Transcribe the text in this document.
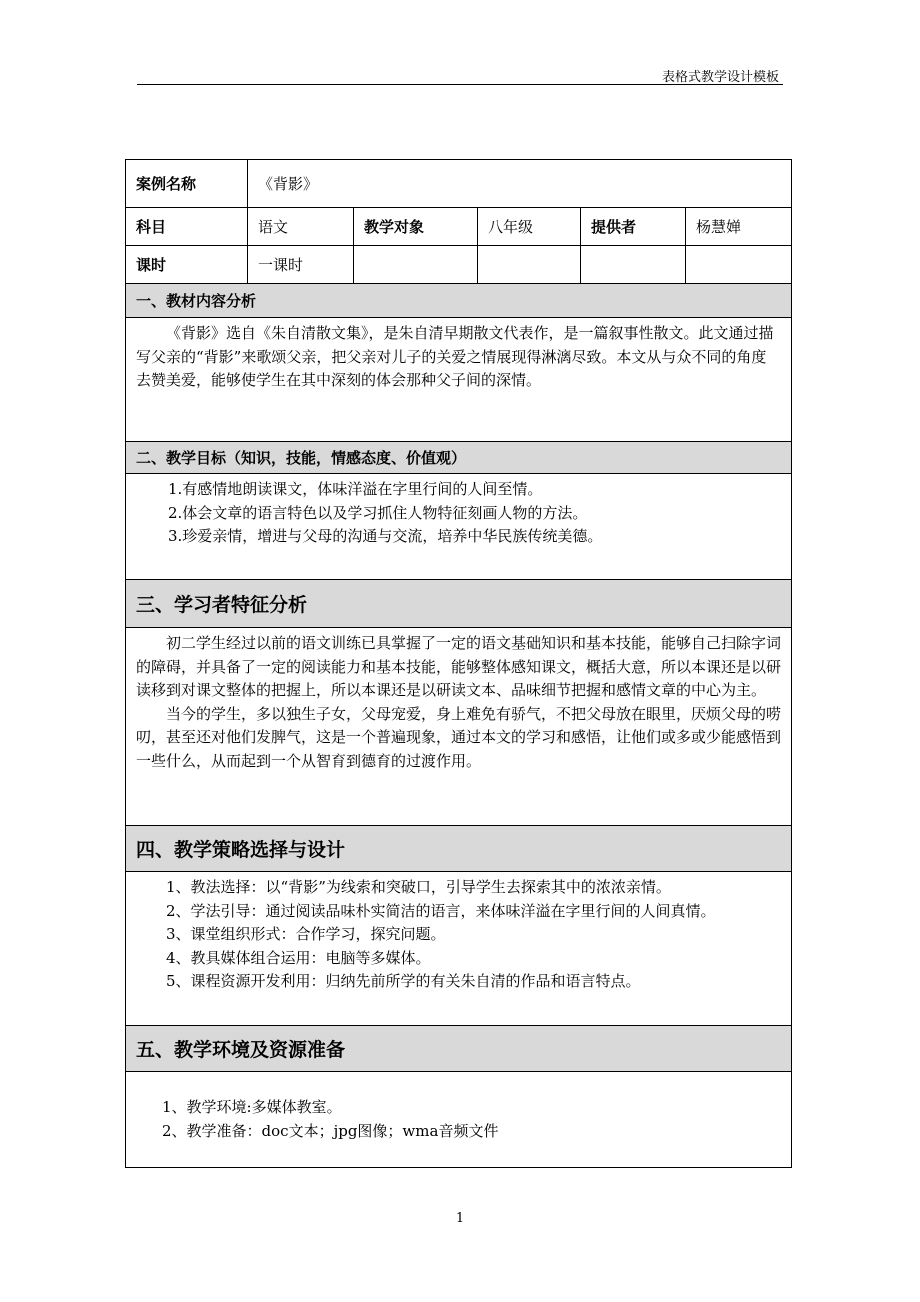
表格式教学设计模板
案例名称	《背影》				
科目	语文	教学对象	八年级	提供者	杨慧婵
课时	一课时				
一、教材内容分析					

《背影》选自《朱自清散文集》，是朱自清早期散文代表作，是一篇叙事性散文。此文通过描写父亲的“背影”来歌颂父亲，把父亲对儿子的关爱之情展现得淋漓尽致。本文从与众不同的角度去赞美爱，能够使学生在其中深刻的体会那种父子间的深情。					

二、教学目标（知识，技能，情感态度、价值观）					

1.有感情地朗读课文，体味洋溢在字里行间的人间至情。

2.体会文章的语言特色以及学习抓住人物特征刻画人物的方法。

3.珍爱亲情，增进与父母的沟通与交流，培养中华民族传统美德。					

三、学习者特征分析					

初二学生经过以前的语文训练已具掌握了一定的语文基础知识和基本技能，能够自己扫除字词的障碍，并具备了一定的阅读能力和基本技能，能够整体感知课文，概括大意，所以本课还是以研读移到对课文整体的把握上，所以本课还是以研读文本、品味细节把握和感情文章的中心为主。

当今的学生，多以独生子女，父母宠爱，身上难免有骄气，不把父母放在眼里，厌烦父母的唠叨，甚至还对他们发脾气，这是一个普遍现象，通过本文的学习和感悟，让他们或多或少能感悟到一些什么，从而起到一个从智育到德育的过渡作用。					

四、教学策略选择与设计					

1、教法选择：以“背影”为线索和突破口，引导学生去探索其中的浓浓亲情。

2、学法引导：通过阅读品味朴实简洁的语言，来体味洋溢在字里行间的人间真情。

3、课堂组织形式：合作学习，探究问题。

4、教具媒体组合运用：电脑等多媒体。

5、课程资源开发利用：归纳先前所学的有关朱自清的作品和语言特点。					

五、教学环境及资源准备					

1、教学环境:多媒体教室。

2、教学准备：doc文本；jpg图像；wma音频文件					

1
